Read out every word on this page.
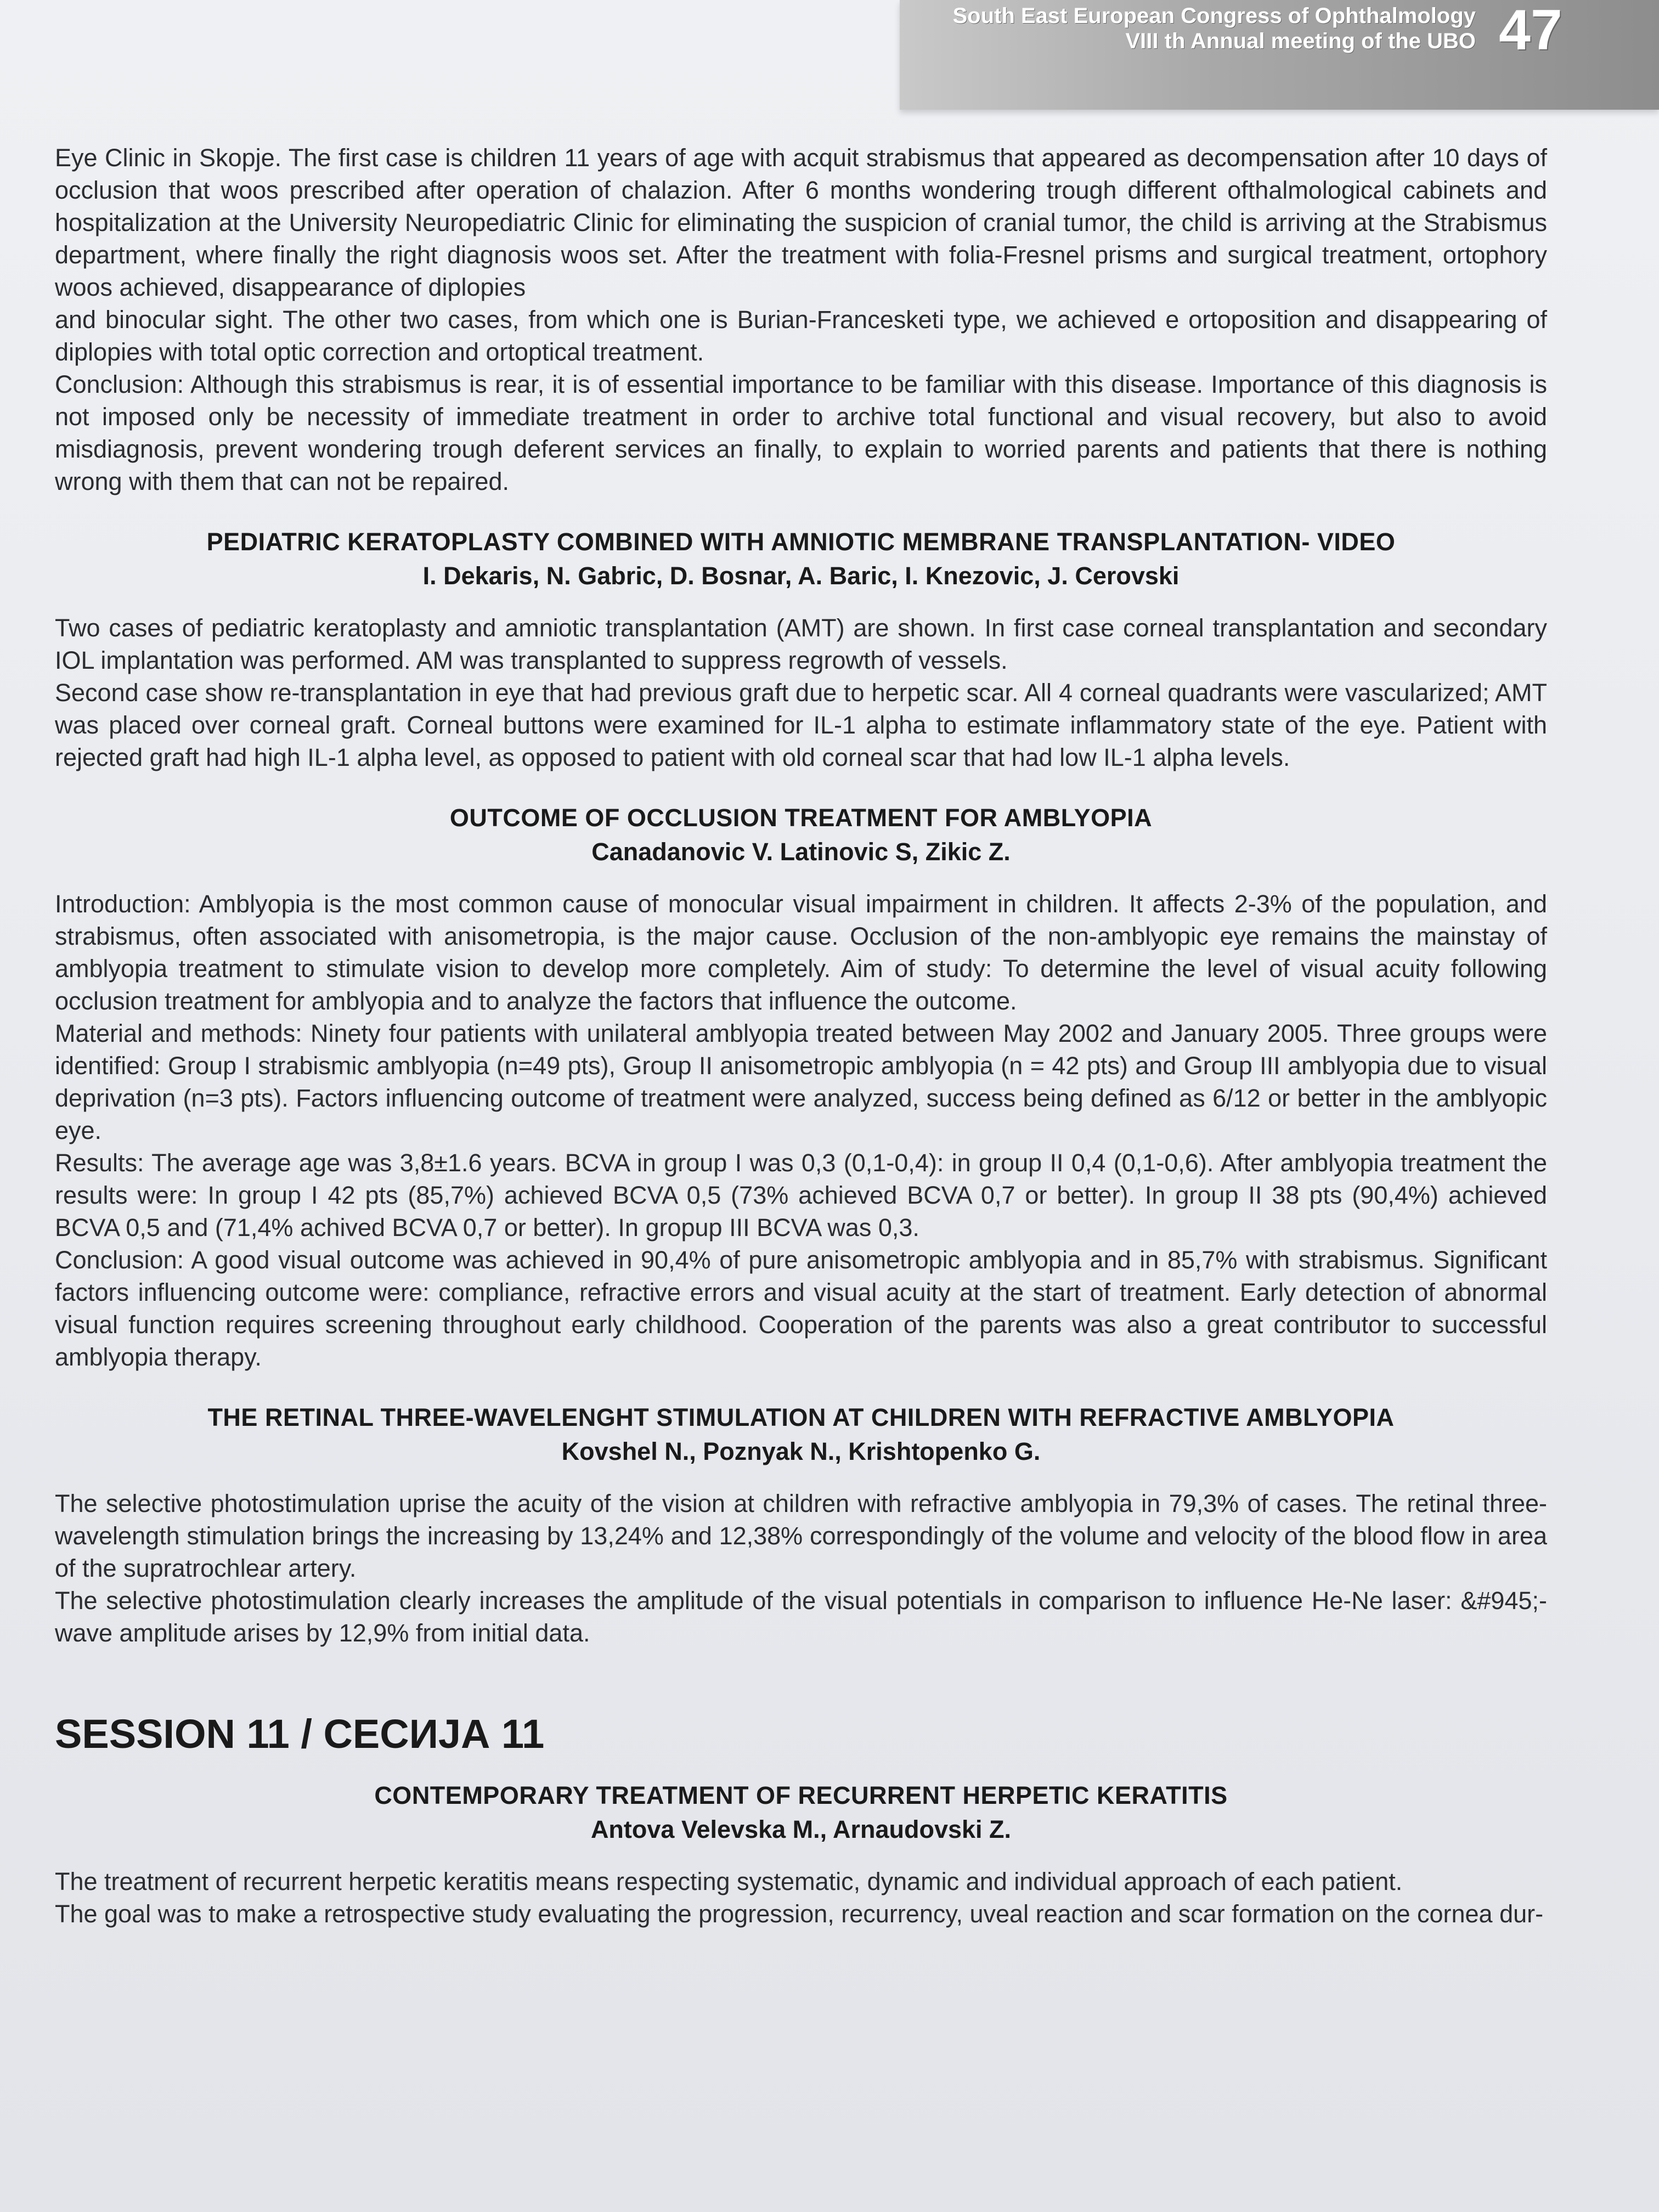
South East European Congress of Ophthalmology
VIII th Annual meeting of the UBO 47

Eye Clinic in Skopje. The first case is children 11 years of age with acquit strabismus that appeared as decompensation after 10 days of occlusion that woos prescribed after operation of chalazion. After 6 months wondering trough different ofthalmological cabinets and hospitalization at the University Neuropediatric Clinic for eliminating the suspicion of cranial tumor, the child is arriving at the Strabismus department, where finally the right diagnosis woos set. After the treatment with folia-Fresnel prisms and surgical treatment, ortophory woos achieved, disappearance of diplopies

and binocular sight. The other two cases, from which one is Burian-Francesketi type, we achieved e ortoposition and disappearing of diplopies with total optic correction and ortoptical treatment.

Conclusion: Although this strabismus is rear, it is of essential importance to be familiar with this disease. Importance of this diagnosis is not imposed only be necessity of immediate treatment in order to archive total functional and visual recovery, but also to avoid misdiagnosis, prevent wondering trough deferent services an finally, to explain to worried parents and patients that there is nothing wrong with them that can not be repaired.

PEDIATRIC KERATOPLASTY COMBINED WITH AMNIOTIC MEMBRANE TRANSPLANTATION- VIDEO

I. Dekaris, N. Gabric, D. Bosnar, A. Baric, I. Knezovic, J. Cerovski

Two cases of pediatric keratoplasty and amniotic transplantation (AMT) are shown. In first case corneal transplantation and secondary IOL implantation was performed. AM was transplanted to suppress regrowth of vessels.

Second case show re-transplantation in eye that had previous graft due to herpetic scar. All 4 corneal quadrants were vascularized; AMT was placed over corneal graft. Corneal buttons were examined for IL-1 alpha to estimate inflammatory state of the eye. Patient with rejected graft had high IL-1 alpha level, as opposed to patient with old corneal scar that had low IL-1 alpha levels.

OUTCOME OF OCCLUSION TREATMENT FOR AMBLYOPIA

Canadanovic V. Latinovic S, Zikic Z.

Introduction: Amblyopia is the most common cause of monocular visual impairment in children. It affects 2-3% of the population, and strabismus, often associated with anisometropia, is the major cause. Occlusion of the non-amblyopic eye remains the mainstay of amblyopia treatment to stimulate vision to develop more completely. Aim of study: To determine the level of visual acuity following occlusion treatment for amblyopia and to analyze the factors that influence the outcome.

Material and methods: Ninety four patients with unilateral amblyopia treated between May 2002 and January 2005. Three groups were identified: Group I strabismic amblyopia (n=49 pts), Group II anisometropic amblyopia (n = 42 pts) and Group III amblyopia due to visual deprivation (n=3 pts). Factors influencing outcome of treatment were analyzed, success being defined as 6/12 or better in the amblyopic eye.

Results: The average age was 3,8±1.6 years. BCVA in group I was 0,3 (0,1-0,4): in group II 0,4 (0,1-0,6). After amblyopia treatment the results were: In group I 42 pts (85,7%) achieved BCVA 0,5 (73% achieved BCVA 0,7 or better). In group II 38 pts (90,4%) achieved BCVA 0,5 and (71,4% achived BCVA 0,7 or better). In gropup III BCVA was 0,3.

Conclusion: A good visual outcome was achieved in 90,4% of pure anisometropic amblyopia and in 85,7% with strabismus. Significant factors influencing outcome were: compliance, refractive errors and visual acuity at the start of treatment. Early detection of abnormal visual function requires screening throughout early childhood. Cooperation of the parents was also a great contributor to successful amblyopia therapy.

THE RETINAL THREE-WAVELENGHT STIMULATION AT CHILDREN WITH REFRACTIVE AMBLYOPIA

Kovshel N., Poznyak N., Krishtopenko G.

The selective photostimulation uprise the acuity of the vision at children with refractive amblyopia in 79,3% of cases. The retinal three-wavelength stimulation brings the increasing by 13,24% and 12,38% correspondingly of the volume and velocity of the blood flow in area of the supratrochlear artery.

The selective photostimulation clearly increases the amplitude of the visual potentials in comparison to influence He-Ne laser: &#945;-wave amplitude arises by 12,9% from initial data.

SESSION 11 / СЕСИЈА 11

CONTEMPORARY TREATMENT OF RECURRENT HERPETIC KERATITIS

Antova Velevska M., Arnaudovski Z.

The treatment of recurrent herpetic keratitis means respecting systematic, dynamic and individual approach of each patient.

The goal was to make a retrospective study evaluating the progression, recurrency, uveal reaction and scar formation on the cornea dur-
